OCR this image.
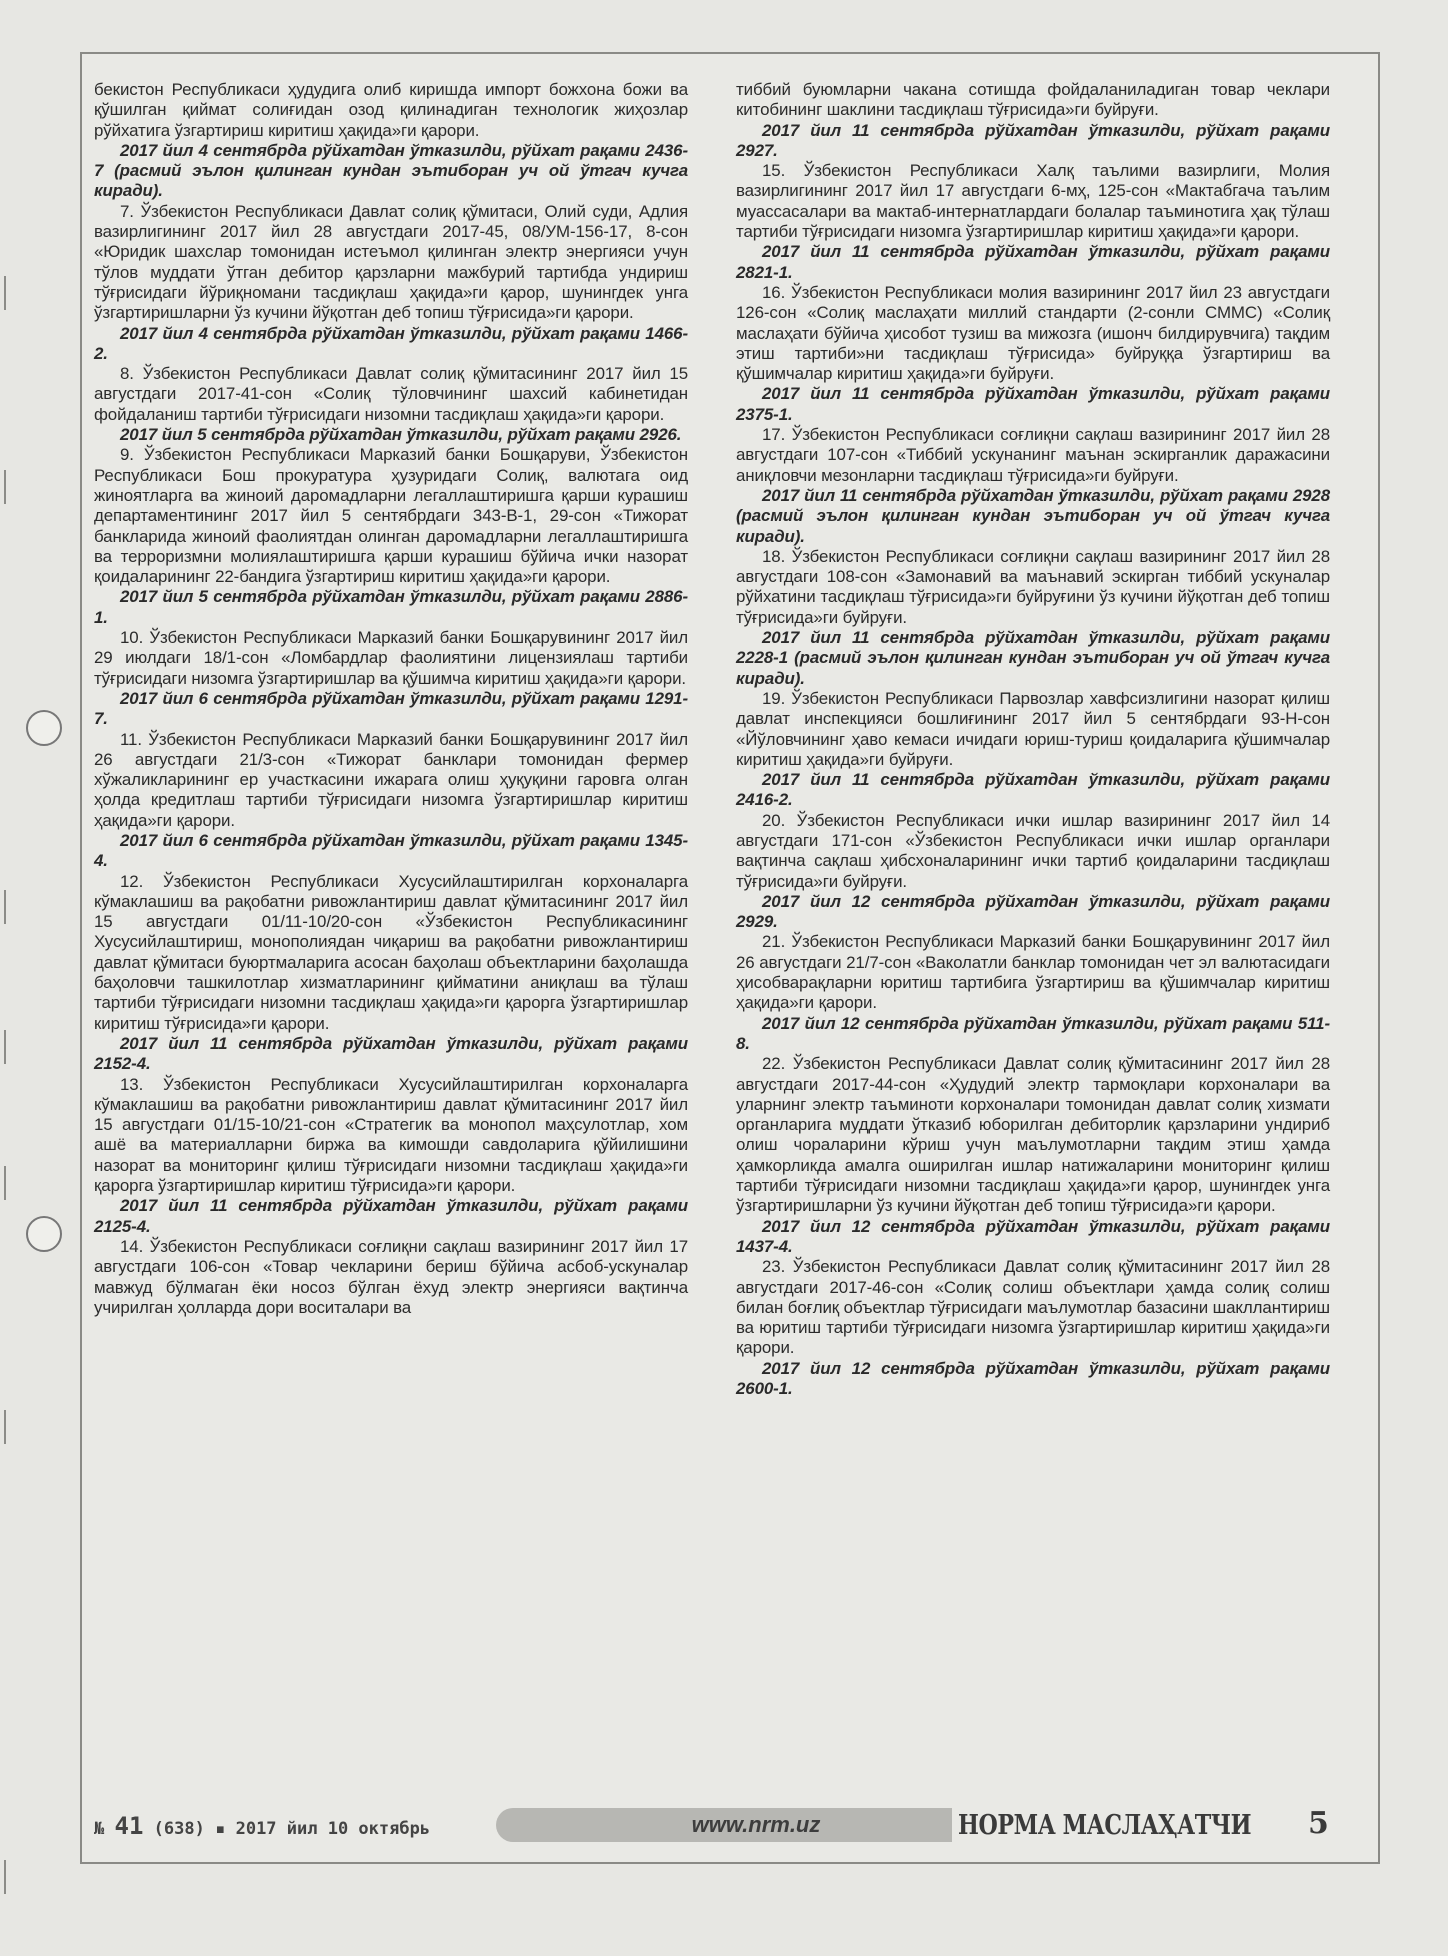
бекистон Республикаси ҳудудига олиб киришда импорт божхона божи ва қўшилган қиймат солиғидан озод қилинадиган технологик жиҳозлар рўйхатига ўзгартириш киритиш ҳақида»ги қарори.

2017 йил 4 сентябрда рўйхатдан ўтказилди, рўйхат рақами 2436-7 (расмий эълон қилинган кундан эътиборан уч ой ўтгач кучга киради).

7. Ўзбекистон Республикаси Давлат солиқ қўмитаси, Олий суди, Адлия вазирлигининг 2017 йил 28 августдаги 2017-45, 08/УМ-156-17, 8-сон «Юридик шахслар томонидан истеъмол қилинган электр энергияси учун тўлов муддати ўтган дебитор қарзларни мажбурий тартибда ундириш тўғрисидаги йўриқномани тасдиқлаш ҳақида»ги қарор, шунингдек унга ўзгартиришларни ўз кучини йўқотган деб топиш тўғрисида»ги қарори.

2017 йил 4 сентябрда рўйхатдан ўтказилди, рўйхат рақами 1466-2.

8. Ўзбекистон Республикаси Давлат солиқ қўмитасининг 2017 йил 15 августдаги 2017-41-сон «Солиқ тўловчининг шахсий кабинетидан фойдаланиш тартиби тўғрисидаги низомни тасдиқлаш ҳақида»ги қарори.

2017 йил 5 сентябрда рўйхатдан ўтказилди, рўйхат рақами 2926.

9. Ўзбекистон Республикаси Марказий банки Бошқаруви, Ўзбекистон Республикаси Бош прокуратура ҳузуридаги Солиқ, валютага оид жиноятларга ва жиноий даромадларни легаллаштиришга қарши курашиш департаментининг 2017 йил 5 сентябрдаги 343-В-1, 29-сон «Тижорат банкларида жиноий фаолиятдан олинган даромадларни легаллаштиришга ва терроризмни молиялаштиришга қарши курашиш бўйича ички назорат қоидаларининг 22-бандига ўзгартириш киритиш ҳақида»ги қарори.

2017 йил 5 сентябрда рўйхатдан ўтказилди, рўйхат рақами 2886-1.

10. Ўзбекистон Республикаси Марказий банки Бошқарувининг 2017 йил 29 июлдаги 18/1-сон «Ломбардлар фаолиятини лицензиялаш тартиби тўғрисидаги низомга ўзгартиришлар ва қўшимча киритиш ҳақида»ги қарори.

2017 йил 6 сентябрда рўйхатдан ўтказилди, рўйхат рақами 1291-7.

11. Ўзбекистон Республикаси Марказий банки Бошқарувининг 2017 йил 26 августдаги 21/3-сон «Тижорат банклари томонидан фермер хўжаликларининг ер участкасини ижарага олиш ҳуқуқини гаровга олган ҳолда кредитлаш тартиби тўғрисидаги низомга ўзгартиришлар киритиш ҳақида»ги қарори.

2017 йил 6 сентябрда рўйхатдан ўтказилди, рўйхат рақами 1345-4.

12. Ўзбекистон Республикаси Хусусийлаштирилган корхоналарга кўмаклашиш ва рақобатни ривожлантириш давлат қўмитасининг 2017 йил 15 августдаги 01/11-10/20-сон «Ўзбекистон Республикасининг Хусусийлаштириш, монополиядан чиқариш ва рақобатни ривожлантириш давлат қўмитаси буюртмаларига асосан баҳолаш объектларини баҳолашда баҳоловчи ташкилотлар хизматларининг қийматини аниқлаш ва тўлаш тартиби тўғрисидаги низомни тасдиқлаш ҳақида»ги қарорга ўзгартиришлар киритиш тўғрисида»ги қарори.

2017 йил 11 сентябрда рўйхатдан ўтказилди, рўйхат рақами 2152-4.

13. Ўзбекистон Республикаси Хусусийлаштирилган корхоналарга кўмаклашиш ва рақобатни ривожлантириш давлат қўмитасининг 2017 йил 15 августдаги 01/15-10/21-сон «Стратегик ва монопол маҳсулотлар, хом ашё ва материалларни биржа ва кимошди савдоларига қўйилишини назорат ва мониторинг қилиш тўғрисидаги низомни тасдиқлаш ҳақида»ги қарорга ўзгартиришлар киритиш тўғрисида»ги қарори.

2017 йил 11 сентябрда рўйхатдан ўтказилди, рўйхат рақами 2125-4.

14. Ўзбекистон Республикаси соғлиқни сақлаш вазирининг 2017 йил 17 августдаги 106-сон «Товар чекларини бериш бўйича асбоб-ускуналар мавжуд бўлмаган ёки носоз бўлган ёхуд электр энергияси вақтинча учирилган ҳолларда дори воситалари ва

тиббий буюмларни чакана сотишда фойдаланиладиган товар чеклари китобининг шаклини тасдиқлаш тўғрисида»ги буйруғи.

2017 йил 11 сентябрда рўйхатдан ўтказилди, рўйхат рақами 2927.

15. Ўзбекистон Республикаси Халқ таълими вазирлиги, Молия вазирлигининг 2017 йил 17 августдаги 6-мҳ, 125-сон «Мактабгача таълим муассасалари ва мактаб-интернатлардаги болалар таъминотига ҳақ тўлаш тартиби тўғрисидаги низомга ўзгартиришлар киритиш ҳақида»ги қарори.

2017 йил 11 сентябрда рўйхатдан ўтказилди, рўйхат рақами 2821-1.

16. Ўзбекистон Республикаси молия вазирининг 2017 йил 23 августдаги 126-сон «Солиқ маслаҳати миллий стандарти (2-сонли СММС) «Солиқ маслаҳати бўйича ҳисобот тузиш ва мижозга (ишонч билдирувчига) тақдим этиш тартиби»ни тасдиқлаш тўғрисида» буйруққа ўзгартириш ва қўшимчалар киритиш ҳақида»ги буйруғи.

2017 йил 11 сентябрда рўйхатдан ўтказилди, рўйхат рақами 2375-1.

17. Ўзбекистон Республикаси соғлиқни сақлаш вазирининг 2017 йил 28 августдаги 107-сон «Тиббий ускунанинг маънан эскирганлик даражасини аниқловчи мезонларни тасдиқлаш тўғрисида»ги буйруғи.

2017 йил 11 сентябрда рўйхатдан ўтказилди, рўйхат рақами 2928 (расмий эълон қилинган кундан эътиборан уч ой ўтгач кучга киради).

18. Ўзбекистон Республикаси соғлиқни сақлаш вазирининг 2017 йил 28 августдаги 108-сон «Замонавий ва маънавий эскирган тиббий ускуналар рўйхатини тасдиқлаш тўғрисида»ги буйруғини ўз кучини йўқотган деб топиш тўғрисида»ги буйруғи.

2017 йил 11 сентябрда рўйхатдан ўтказилди, рўйхат рақами 2228-1 (расмий эълон қилинган кундан эътиборан уч ой ўтгач кучга киради).

19. Ўзбекистон Республикаси Парвозлар хавфсизлигини назорат қилиш давлат инспекцияси бошлиғининг 2017 йил 5 сентябрдаги 93-Н-сон «Йўловчининг ҳаво кемаси ичидаги юриш-туриш қоидаларига қўшимчалар киритиш ҳақида»ги буйруғи.

2017 йил 11 сентябрда рўйхатдан ўтказилди, рўйхат рақами 2416-2.

20. Ўзбекистон Республикаси ички ишлар вазирининг 2017 йил 14 августдаги 171-сон «Ўзбекистон Республикаси ички ишлар органлари вақтинча сақлаш ҳибсхоналарининг ички тартиб қоидаларини тасдиқлаш тўғрисида»ги буйруғи.

2017 йил 12 сентябрда рўйхатдан ўтказилди, рўйхат рақами 2929.

21. Ўзбекистон Республикаси Марказий банки Бошқарувининг 2017 йил 26 августдаги 21/7-сон «Ваколатли банклар томонидан чет эл валютасидаги ҳисобварақларни юритиш тартибига ўзгартириш ва қўшимчалар киритиш ҳақида»ги қарори.

2017 йил 12 сентябрда рўйхатдан ўтказилди, рўйхат рақами 511-8.

22. Ўзбекистон Республикаси Давлат солиқ қўмитасининг 2017 йил 28 августдаги 2017-44-сон «Ҳудудий электр тармоқлари корхоналари ва уларнинг электр таъминоти корхоналари томонидан давлат солиқ хизмати органларига муддати ўтказиб юборилган дебиторлик қарзларини ундириб олиш чораларини кўриш учун маълумотларни тақдим этиш ҳамда ҳамкорликда амалга оширилган ишлар натижаларини мониторинг қилиш тартиби тўғрисидаги низомни тасдиқлаш ҳақида»ги қарор, шунингдек унга ўзгартиришларни ўз кучини йўқотган деб топиш тўғрисида»ги қарори.

2017 йил 12 сентябрда рўйхатдан ўтказилди, рўйхат рақами 1437-4.

23. Ўзбекистон Республикаси Давлат солиқ қўмитасининг 2017 йил 28 августдаги 2017-46-сон «Солиқ солиш объектлари ҳамда солиқ солиш билан боғлиқ объектлар тўғрисидаги маълумотлар базасини шакллантириш ва юритиш тартиби тўғрисидаги низомга ўзгартиришлар киритиш ҳақида»ги қарори.

2017 йил 12 сентябрда рўйхатдан ўтказилди, рўйхат рақами 2600-1.

№ 41 (638) ▪ 2017 йил 10 октябрь	www.nrm.uz	НОРМА МАСЛАҲАТЧИ 5
